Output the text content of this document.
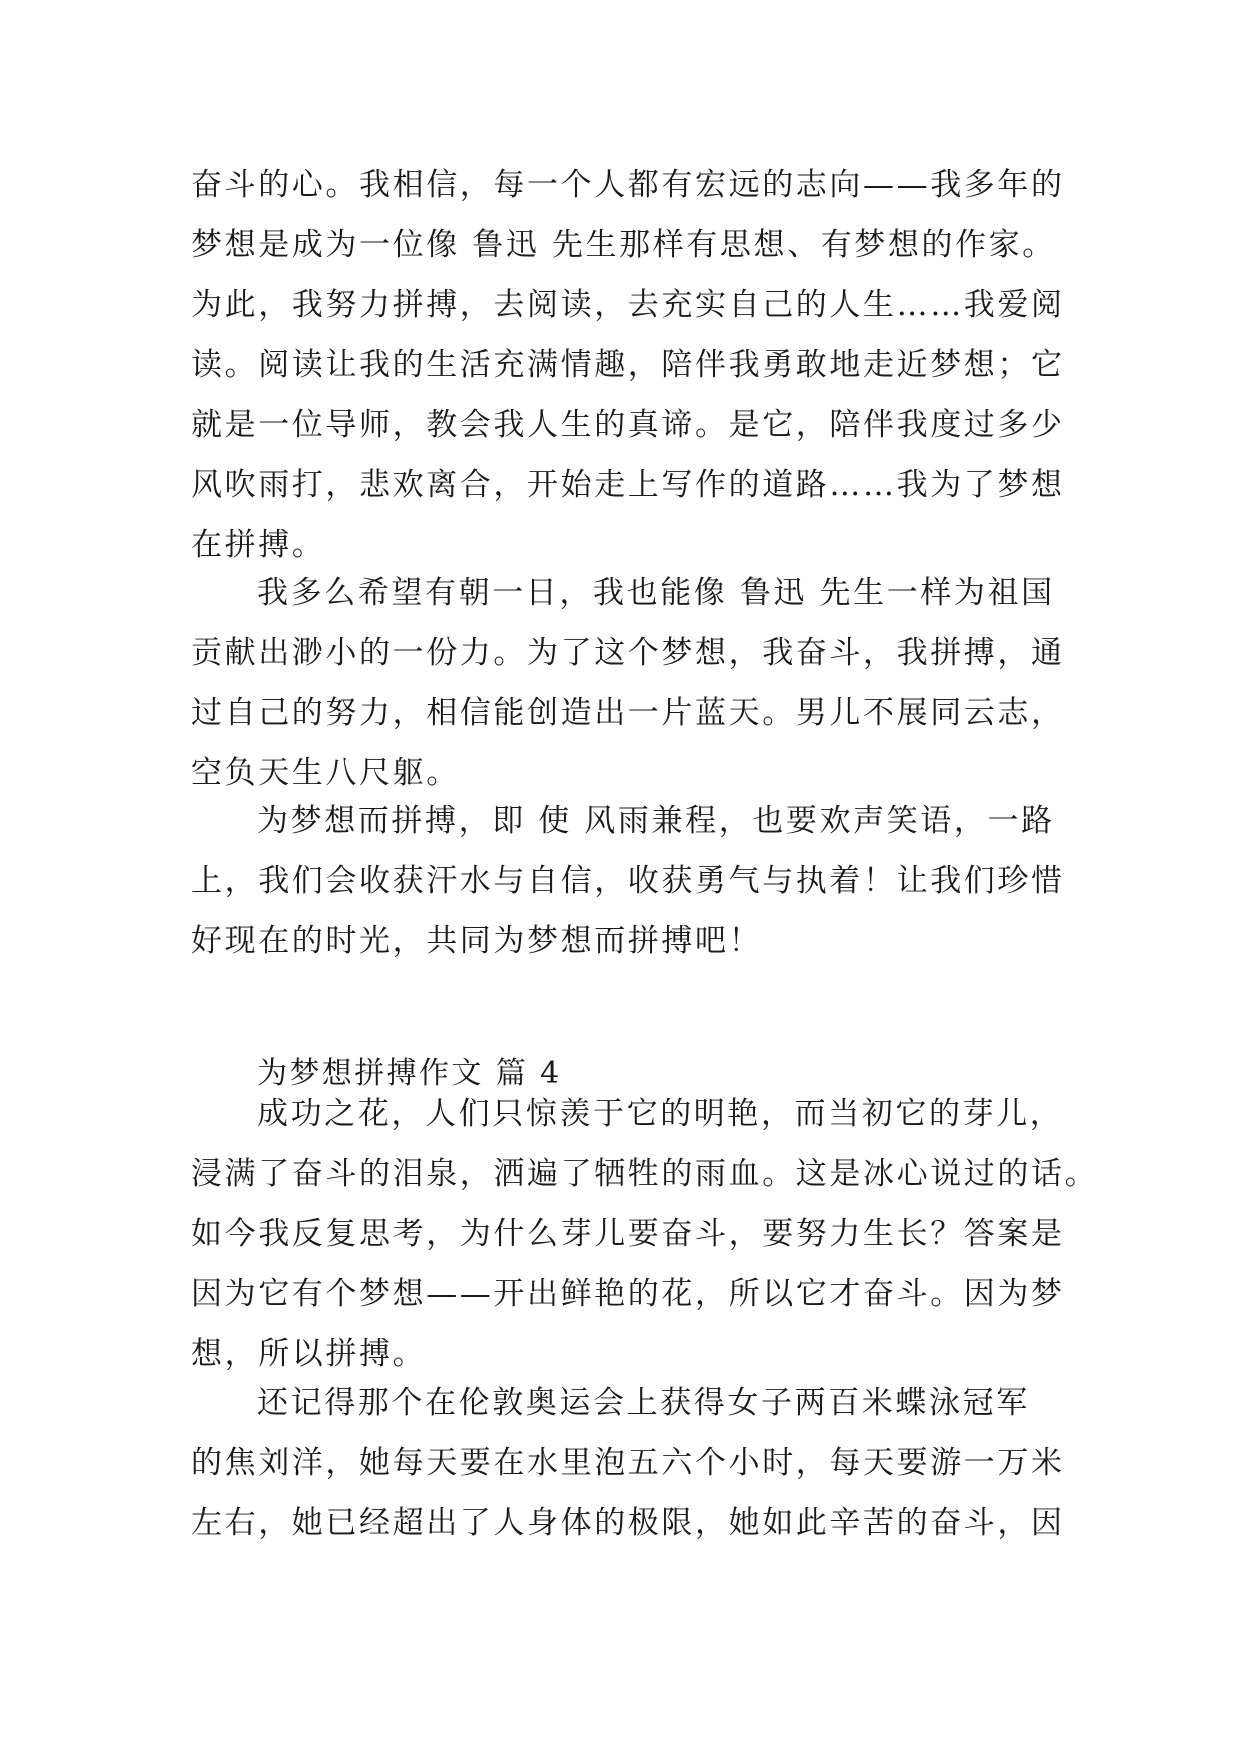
奋斗的心。我相信，每一个人都有宏远的志向——我多年的
梦想是成为一位像 鲁迅 先生那样有思想、有梦想的作家。
为此，我努力拼搏，去阅读，去充实自己的人生……我爱阅
读。阅读让我的生活充满情趣，陪伴我勇敢地走近梦想；它
就是一位导师，教会我人生的真谛。是它，陪伴我度过多少
风吹雨打，悲欢离合，开始走上写作的道路……我为了梦想
在拼搏。
我多么希望有朝一日，我也能像 鲁迅 先生一样为祖国
贡献出渺小的一份力。为了这个梦想，我奋斗，我拼搏，通
过自己的努力，相信能创造出一片蓝天。男儿不展同云志，
空负天生八尺躯。
为梦想而拼搏，即 使 风雨兼程，也要欢声笑语，一路
上，我们会收获汗水与自信，收获勇气与执着！让我们珍惜
好现在的时光，共同为梦想而拼搏吧！
为梦想拼搏作文 篇 4
成功之花，人们只惊羡于它的明艳，而当初它的芽儿，
浸满了奋斗的泪泉，洒遍了牺牲的雨血。这是冰心说过的话。
如今我反复思考，为什么芽儿要奋斗，要努力生长？答案是
因为它有个梦想——开出鲜艳的花，所以它才奋斗。因为梦
想，所以拼搏。
还记得那个在伦敦奥运会上获得女子两百米蝶泳冠军
的焦刘洋，她每天要在水里泡五六个小时，每天要游一万米
左右，她已经超出了人身体的极限，她如此辛苦的奋斗，因
